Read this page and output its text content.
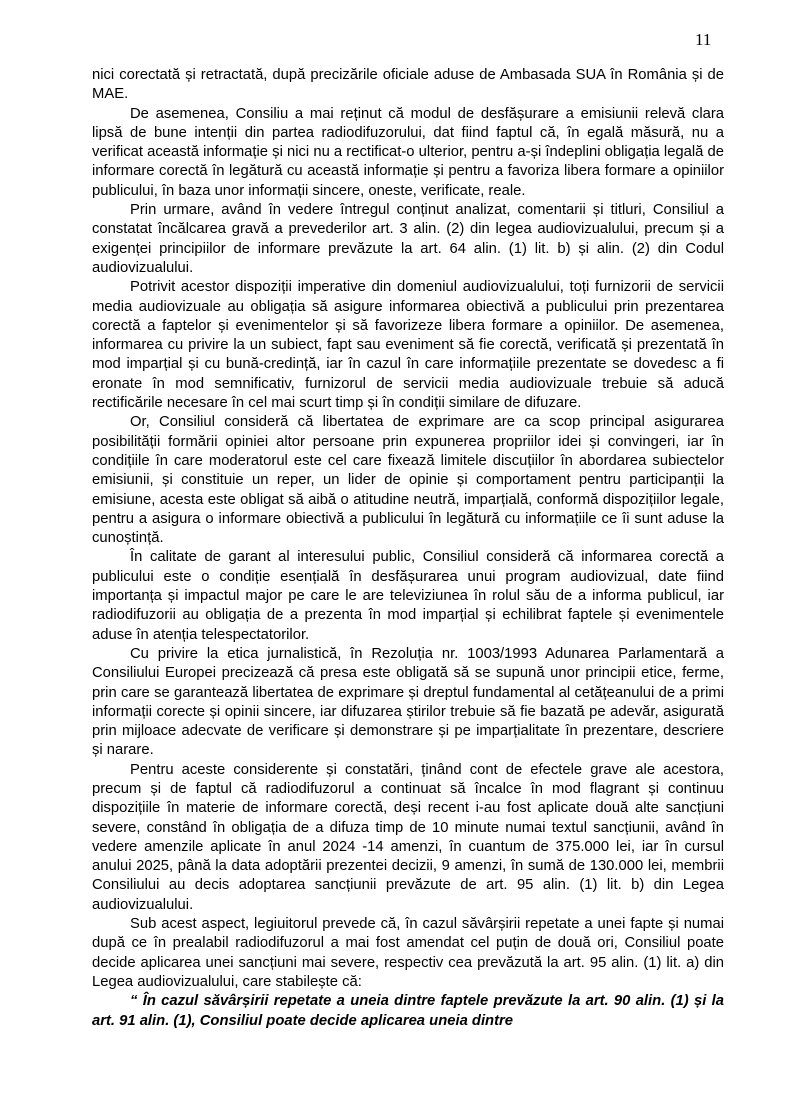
11

nici corectată și retractată, după precizările oficiale aduse de Ambasada SUA în România și de MAE.

De asemenea, Consiliu a mai reținut că modul de desfășurare a emisiunii relevă clara lipsă de bune intenții din partea radiodifuzorului, dat fiind faptul că, în egală măsură, nu a verificat această informație și nici nu a rectificat-o ulterior, pentru a-și îndeplini obligația legală de informare corectă în legătură cu această informație și pentru a favoriza libera formare a opiniilor publicului, în baza unor informații sincere, oneste, verificate, reale.

Prin urmare, având în vedere întregul conținut analizat, comentarii și titluri, Consiliul a constatat încălcarea gravă a prevederilor art. 3 alin. (2) din legea audiovizualului, precum și a exigenței principiilor de informare prevăzute la art. 64 alin. (1) lit. b) și alin. (2) din Codul audiovizualului.

Potrivit acestor dispoziții imperative din domeniul audiovizualului, toți furnizorii de servicii media audiovizuale au obligația să asigure informarea obiectivă a publicului prin prezentarea corectă a faptelor și evenimentelor și să favorizeze libera formare a opiniilor. De asemenea, informarea cu privire la un subiect, fapt sau eveniment să fie corectă, verificată și prezentată în mod imparțial și cu bună-credință, iar în cazul în care informațiile prezentate se dovedesc a fi eronate în mod semnificativ, furnizorul de servicii media audiovizuale trebuie să aducă rectificările necesare în cel mai scurt timp și în condiții similare de difuzare.

Or, Consiliul consideră că libertatea de exprimare are ca scop principal asigurarea posibilității formării opiniei altor persoane prin expunerea propriilor idei și convingeri, iar în condițiile în care moderatorul este cel care fixează limitele discuțiilor în abordarea subiectelor emisiunii, și constituie un reper, un lider de opinie și comportament pentru participanții la emisiune, acesta este obligat să aibă o atitudine neutră, imparțială, conformă dispozițiilor legale, pentru a asigura o informare obiectivă a publicului în legătură cu informațiile ce îi sunt aduse la cunoștință.

În calitate de garant al interesului public, Consiliul consideră că informarea corectă a publicului este o condiție esențială în desfășurarea unui program audiovizual, date fiind importanța și impactul major pe care le are televiziunea în rolul său de a informa publicul, iar radiodifuzorii au obligația de a prezenta în mod imparțial și echilibrat faptele și evenimentele aduse în atenția telespectatorilor.

Cu privire la etica jurnalistică, în Rezoluția nr. 1003/1993 Adunarea Parlamentară a Consiliului Europei precizează că presa este obligată să se supună unor principii etice, ferme, prin care se garantează libertatea de exprimare și dreptul fundamental al cetățeanului de a primi informații corecte și opinii sincere, iar difuzarea știrilor trebuie să fie bazată pe adevăr, asigurată prin mijloace adecvate de verificare și demonstrare și pe imparțialitate în prezentare, descriere și narare.

Pentru aceste considerente și constatări, ținând cont de efectele grave ale acestora, precum și de faptul că radiodifuzorul a continuat să încalce în mod flagrant și continuu dispozițiile în materie de informare corectă, deși recent i-au fost aplicate două alte sancțiuni severe, constând în obligația de a difuza timp de 10 minute numai textul sancțiunii, având în vedere amenzile aplicate în anul 2024 -14 amenzi, în cuantum de 375.000 lei, iar în cursul anului 2025, până la data adoptării prezentei decizii, 9 amenzi, în sumă de 130.000 lei, membrii Consiliului au decis adoptarea sancțiunii prevăzute de art. 95 alin. (1) lit. b) din Legea audiovizualului.

Sub acest aspect, legiuitorul prevede că, în cazul săvârșirii repetate a unei fapte și numai după ce în prealabil radiodifuzorul a mai fost amendat cel puțin de două ori, Consiliul poate decide aplicarea unei sancțiuni mai severe, respectiv cea prevăzută la art. 95 alin. (1) lit. a) din Legea audiovizualului, care stabilește că:

“ În cazul săvârșirii repetate a uneia dintre faptele prevăzute la art. 90 alin. (1) și la art. 91 alin. (1), Consiliul poate decide aplicarea uneia dintre
